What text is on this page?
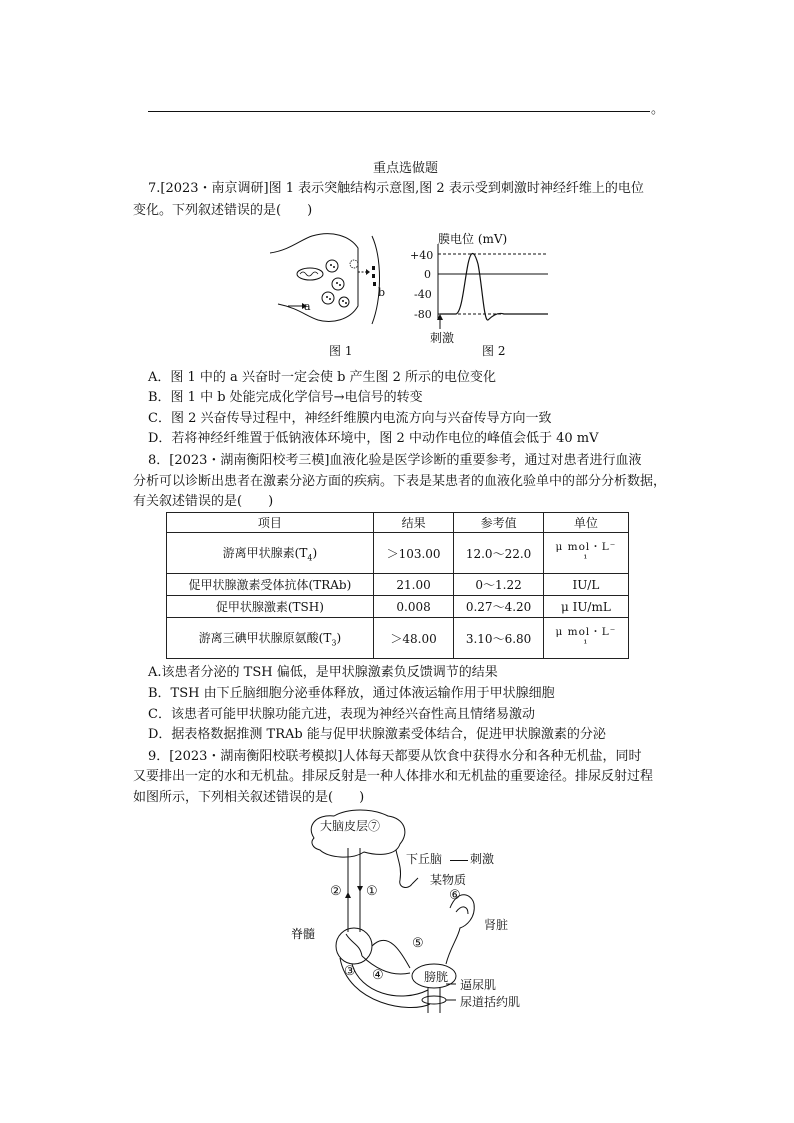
。
重点选做题
7.[2023・南京调研]图 1 表示突触结构示意图,图 2 表示受到刺激时神经纤维上的电位
变化。下列叙述错误的是(　　)
a
b
图 1
膜电位 (mV)
+40
0
-40
-80
刺激
图 2
A．图 1 中的 a 兴奋时一定会使 b 产生图 2 所示的电位变化
B．图 1 中 b 处能完成化学信号→电信号的转变
C．图 2 兴奋传导过程中，神经纤维膜内电流方向与兴奋传导方向一致
D．若将神经纤维置于低钠液体环境中，图 2 中动作电位的峰值会低于 40 mV
8．[2023・湖南衡阳校考三模]血液化验是医学诊断的重要参考，通过对患者进行血液
分析可以诊断出患者在激素分泌方面的疾病。下表是某患者的血液化验单中的部分分析数据，
有关叙述错误的是(　　)
项目	结果	参考值	单位
游离甲状腺素$(T_4)$	＞103.00	12.0～22.0	μ mol・L⁻
¹

促甲状腺激素受体抗体(TRAb)	21.00	0～1.22	IU/L
促甲状腺激素(TSH)	0.008	0.27～4.20	μ IU/mL
游离三碘甲状腺原氨酸$(T_3)$	＞48.00	3.10～6.80	μ mol・L⁻
¹
A.该患者分泌的 TSH 偏低，是甲状腺激素负反馈调节的结果
B．TSH 由下丘脑细胞分泌垂体释放，通过体液运输作用于甲状腺细胞
C．该患者可能甲状腺功能亢进，表现为神经兴奋性高且情绪易激动
D．据表格数据推测 TRAb 能与促甲状腺激素受体结合，促进甲状腺激素的分泌
9．[2023・湖南衡阳校联考模拟]人体每天都要从饮食中获得水分和各种无机盐，同时
又要排出一定的水和无机盐。排尿反射是一种人体排水和无机盐的重要途径。排尿反射过程
如图所示，下列相关叙述错误的是(　　)
大脑皮层⑦
下丘脑 刺激
某物质
② ①	⑥
肾脏
脊髓
⑤
③ ④	膀胱
逼尿肌
尿道括约肌
